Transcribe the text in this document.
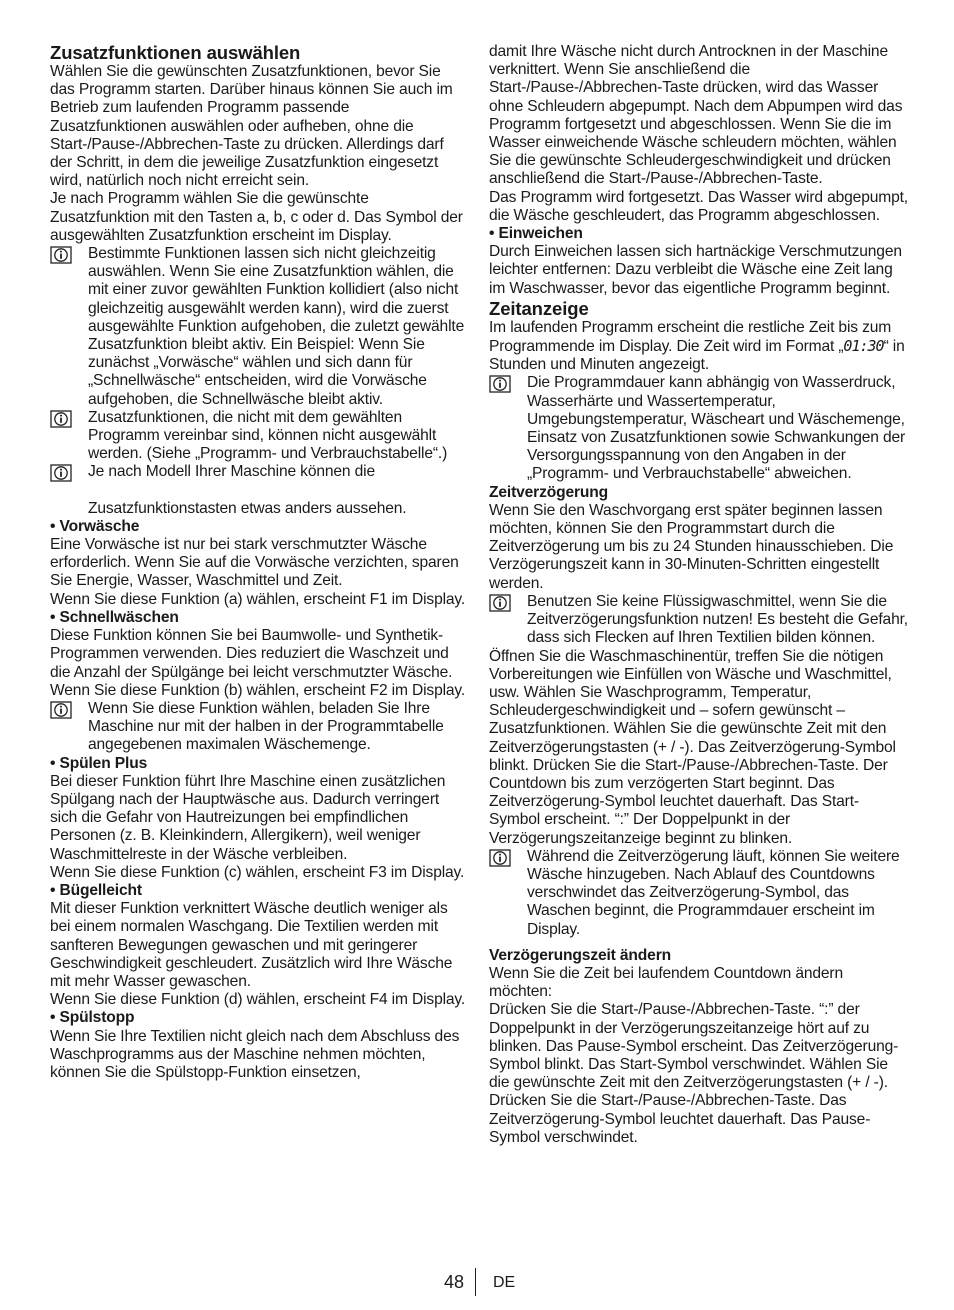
Zusatzfunktionen auswählen

Wählen Sie die gewünschten Zusatzfunktionen, bevor Sie das Programm starten. Darüber hinaus können Sie auch im Betrieb zum laufenden Programm passende Zusatzfunktionen auswählen oder aufheben, ohne die Start-/Pause-/Abbrechen-Taste zu drücken. Allerdings darf der Schritt, in dem die jeweilige Zusatzfunktion eingesetzt wird, natürlich noch nicht erreicht sein.

Je nach Programm wählen Sie die gewünschte Zusatzfunktion mit den Tasten a, b, c oder d. Das Symbol der ausgewählten Zusatzfunktion erscheint im Display.

Bestimmte Funktionen lassen sich nicht gleichzeitig auswählen. Wenn Sie eine Zusatzfunktion wählen, die mit einer zuvor gewählten Funktion kollidiert (also nicht gleichzeitig ausgewählt werden kann), wird die zuerst ausgewählte Funktion aufgehoben, die zuletzt gewählte Zusatzfunktion bleibt aktiv. Ein Beispiel: Wenn Sie zunächst „Vorwäsche“ wählen und sich dann für „Schnellwäsche“ entscheiden, wird die Vorwäsche aufgehoben, die Schnellwäsche bleibt aktiv.
Zusatzfunktionen, die nicht mit dem gewählten Programm vereinbar sind, können nicht ausgewählt werden. (Siehe „Programm- und Verbrauchstabelle“.)
Je nach Modell Ihrer Maschine können die
Zusatzfunktionstasten etwas anders aussehen.

• Vorwäsche

Eine Vorwäsche ist nur bei stark verschmutzter Wäsche erforderlich. Wenn Sie auf die Vorwäsche verzichten, sparen Sie Energie, Wasser, Waschmittel und Zeit.

Wenn Sie diese Funktion (a) wählen, erscheint F1 im Display.

• Schnellwäschen

Diese Funktion können Sie bei Baumwolle- und Synthetik-Programmen verwenden. Dies reduziert die Waschzeit und die Anzahl der Spülgänge bei leicht verschmutzter Wäsche.

Wenn Sie diese Funktion (b) wählen, erscheint F2 im Display.

Wenn Sie diese Funktion wählen, beladen Sie Ihre Maschine nur mit der halben in der Programmtabelle angegebenen maximalen Wäschemenge.

• Spülen Plus

Bei dieser Funktion führt Ihre Maschine einen zusätzlichen Spülgang nach der Hauptwäsche aus. Dadurch verringert sich die Gefahr von Hautreizungen bei empfindlichen Personen (z. B. Kleinkindern, Allergikern), weil weniger Waschmittelreste in der Wäsche verbleiben.

Wenn Sie diese Funktion (c) wählen, erscheint F3 im Display.

• Bügelleicht

Mit dieser Funktion verknittert Wäsche deutlich weniger als bei einem normalen Waschgang. Die Textilien werden mit sanfteren Bewegungen gewaschen und mit geringerer Geschwindigkeit geschleudert. Zusätzlich wird Ihre Wäsche mit mehr Wasser gewaschen.

Wenn Sie diese Funktion (d) wählen, erscheint F4 im Display.

• Spülstopp

Wenn Sie Ihre Textilien nicht gleich nach dem Abschluss des Waschprogramms aus der Maschine nehmen möchten, können Sie die Spülstopp-Funktion einsetzen,

damit Ihre Wäsche nicht durch Antrocknen in der Maschine verknittert. Wenn Sie anschließend die Start-/Pause-/Abbrechen-Taste drücken, wird das Wasser ohne Schleudern abgepumpt. Nach dem Abpumpen wird das Programm fortgesetzt und abgeschlossen. Wenn Sie die im Wasser einweichende Wäsche schleudern möchten, wählen Sie die gewünschte Schleudergeschwindigkeit und drücken anschließend die Start-/Pause-/Abbrechen-Taste.

Das Programm wird fortgesetzt. Das Wasser wird abgepumpt, die Wäsche geschleudert, das Programm abgeschlossen.

• Einweichen

Durch Einweichen lassen sich hartnäckige Verschmutzungen leichter entfernen: Dazu verbleibt die Wäsche eine Zeit lang im Waschwasser, bevor das eigentliche Programm beginnt.

Zeitanzeige

Im laufenden Programm erscheint die restliche Zeit bis zum Programmende im Display. Die Zeit wird im Format „01:30“ in Stunden und Minuten angezeigt.

Die Programmdauer kann abhängig von Wasserdruck, Wasserhärte und Wassertemperatur, Umgebungstemperatur, Wäscheart und Wäschemenge, Einsatz von Zusatzfunktionen sowie Schwankungen der Versorgungsspannung von den Angaben in der „Programm- und Verbrauchstabelle“ abweichen.

Zeitverzögerung

Wenn Sie den Waschvorgang erst später beginnen lassen möchten, können Sie den Programmstart durch die Zeitverzögerung um bis zu 24 Stunden hinausschieben. Die Verzögerungszeit kann in 30-Minuten-Schritten eingestellt werden.

Benutzen Sie keine Flüssigwaschmittel, wenn Sie die Zeitverzögerungsfunktion nutzen! Es besteht die Gefahr, dass sich Flecken auf Ihren Textilien bilden können.

Öffnen Sie die Waschmaschinentür, treffen Sie die nötigen Vorbereitungen wie Einfüllen von Wäsche und Waschmittel, usw. Wählen Sie Waschprogramm, Temperatur, Schleudergeschwindigkeit und – sofern gewünscht – Zusatzfunktionen. Wählen Sie die gewünschte Zeit mit den Zeitverzögerungstasten (+ / -). Das Zeitverzögerung-Symbol blinkt. Drücken Sie die Start-/Pause-/Abbrechen-Taste. Der Countdown bis zum verzögerten Start beginnt. Das Zeitverzögerung-Symbol leuchtet dauerhaft. Das Start-Symbol erscheint. “:” Der Doppelpunkt in der Verzögerungszeitanzeige beginnt zu blinken.

Während die Zeitverzögerung läuft, können Sie weitere Wäsche hinzugeben. Nach Ablauf des Countdowns verschwindet das Zeitverzögerung-Symbol, das Waschen beginnt, die Programmdauer erscheint im Display.

Verzögerungszeit ändern

Wenn Sie die Zeit bei laufendem Countdown ändern möchten:

Drücken Sie die Start-/Pause-/Abbrechen-Taste. “:” der Doppelpunkt in der Verzögerungszeitanzeige hört auf zu blinken. Das Pause-Symbol erscheint. Das Zeitverzögerung-Symbol blinkt. Das Start-Symbol verschwindet. Wählen Sie die gewünschte Zeit mit den Zeitverzögerungstasten (+ / -). Drücken Sie die Start-/Pause-/Abbrechen-Taste. Das Zeitverzögerung-Symbol leuchtet dauerhaft. Das Pause-Symbol verschwindet.

48 DE
